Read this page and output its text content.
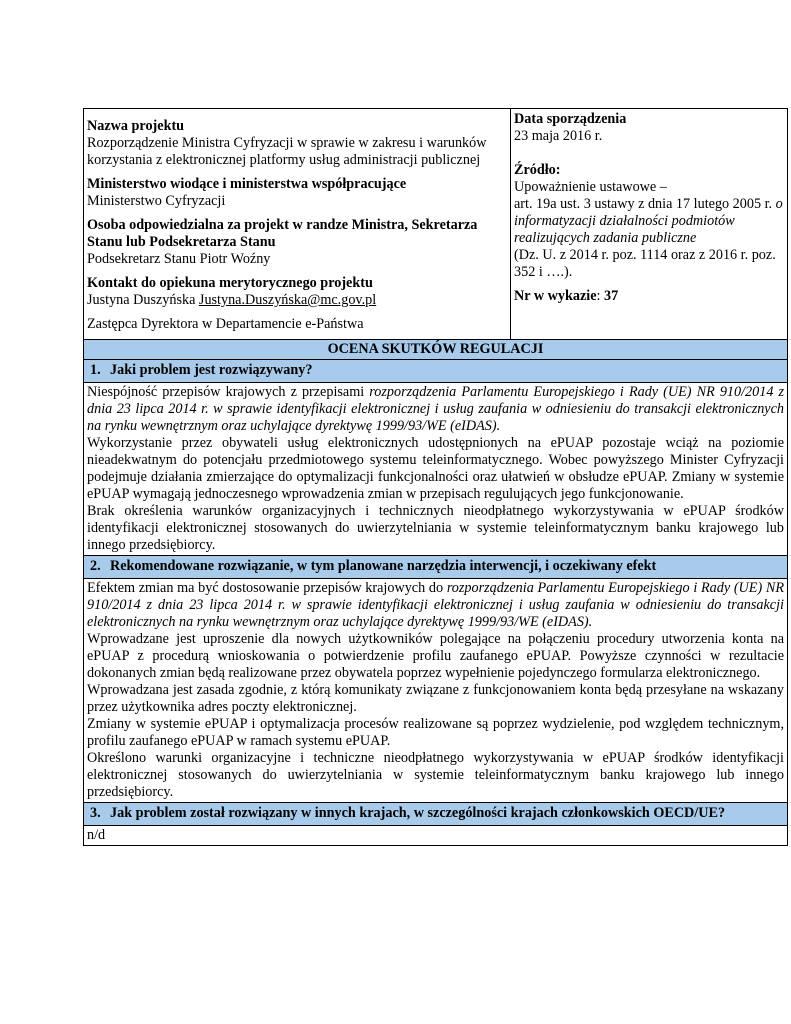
Nazwa projektu
Rozporządzenie Ministra Cyfryzacji w sprawie w zakresu i warunków korzystania z elektronicznej platformy usług administracji publicznej
Ministerstwo wiodące i ministerstwa współpracujące
Ministerstwo Cyfryzacji
Osoba odpowiedzialna za projekt w randze Ministra, Sekretarza Stanu lub Podsekretarza Stanu
Podsekretarz Stanu Piotr Woźny
Kontakt do opiekuna merytorycznego projektu
Justyna Duszyńska Justyna.Duszyńska@mc.gov.pl
Zastępca Dyrektora w Departamencie e-Państwa

Data sporządzenia
23 maja 2016 r.
Źródło:
Upoważnienie ustawowe –
art. 19a ust. 3 ustawy z dnia 17 lutego 2005 r. o informatyzacji działalności podmiotów realizujących zadania publiczne
(Dz. U. z 2014 r. poz. 1114 oraz z 2016 r. poz. 352 i ….).
Nr w wykazie: 37

OCENA SKUTKÓW REGULACJI
1. Jaki problem jest rozwiązywany?

Niespójność przepisów krajowych z przepisami rozporządzenia Parlamentu Europejskiego i Rady (UE) NR 910/2014 z dnia 23 lipca 2014 r. w sprawie identyfikacji elektronicznej i usług zaufania w odniesieniu do transakcji elektronicznych na rynku wewnętrznym oraz uchylające dyrektywę 1999/93/WE (eIDAS).

Wykorzystanie przez obywateli usług elektronicznych udostępnionych na ePUAP pozostaje wciąż na poziomie nieadekwatnym do potencjału przedmiotowego systemu teleinformatycznego. Wobec powyższego Minister Cyfryzacji podejmuje działania zmierzające do optymalizacji funkcjonalności oraz ułatwień w obsłudze ePUAP. Zmiany w systemie ePUAP wymagają jednoczesnego wprowadzenia zmian w przepisach regulujących jego funkcjonowanie.

Brak określenia warunków organizacyjnych i technicznych nieodpłatnego wykorzystywania w ePUAP środków identyfikacji elektronicznej stosowanych do uwierzytelniania w systemie teleinformatycznym banku krajowego lub innego przedsiębiorcy.

2. Rekomendowane rozwiązanie, w tym planowane narzędzia interwencji, i oczekiwany efekt

Efektem zmian ma być dostosowanie przepisów krajowych do rozporządzenia Parlamentu Europejskiego i Rady (UE) NR 910/2014 z dnia 23 lipca 2014 r. w sprawie identyfikacji elektronicznej i usług zaufania w odniesieniu do transakcji elektronicznych na rynku wewnętrznym oraz uchylające dyrektywę 1999/93/WE (eIDAS).

Wprowadzane jest uproszenie dla nowych użytkowników polegające na połączeniu procedury utworzenia konta na ePUAP z procedurą wnioskowania o potwierdzenie profilu zaufanego ePUAP. Powyższe czynności w rezultacie dokonanych zmian będą realizowane przez obywatela poprzez wypełnienie pojedynczego formularza elektronicznego.

Wprowadzana jest zasada zgodnie, z którą komunikaty związane z funkcjonowaniem konta będą przesyłane na wskazany przez użytkownika adres poczty elektronicznej.

Zmiany w systemie ePUAP i optymalizacja procesów realizowane są poprzez wydzielenie, pod względem technicznym, profilu zaufanego ePUAP w ramach systemu ePUAP.

Określono warunki organizacyjne i techniczne nieodpłatnego wykorzystywania w ePUAP środków identyfikacji elektronicznej stosowanych do uwierzytelniania w systemie teleinformatycznym banku krajowego lub innego przedsiębiorcy.

3. Jak problem został rozwiązany w innych krajach, w szczególności krajach członkowskich OECD/UE?
n/d
